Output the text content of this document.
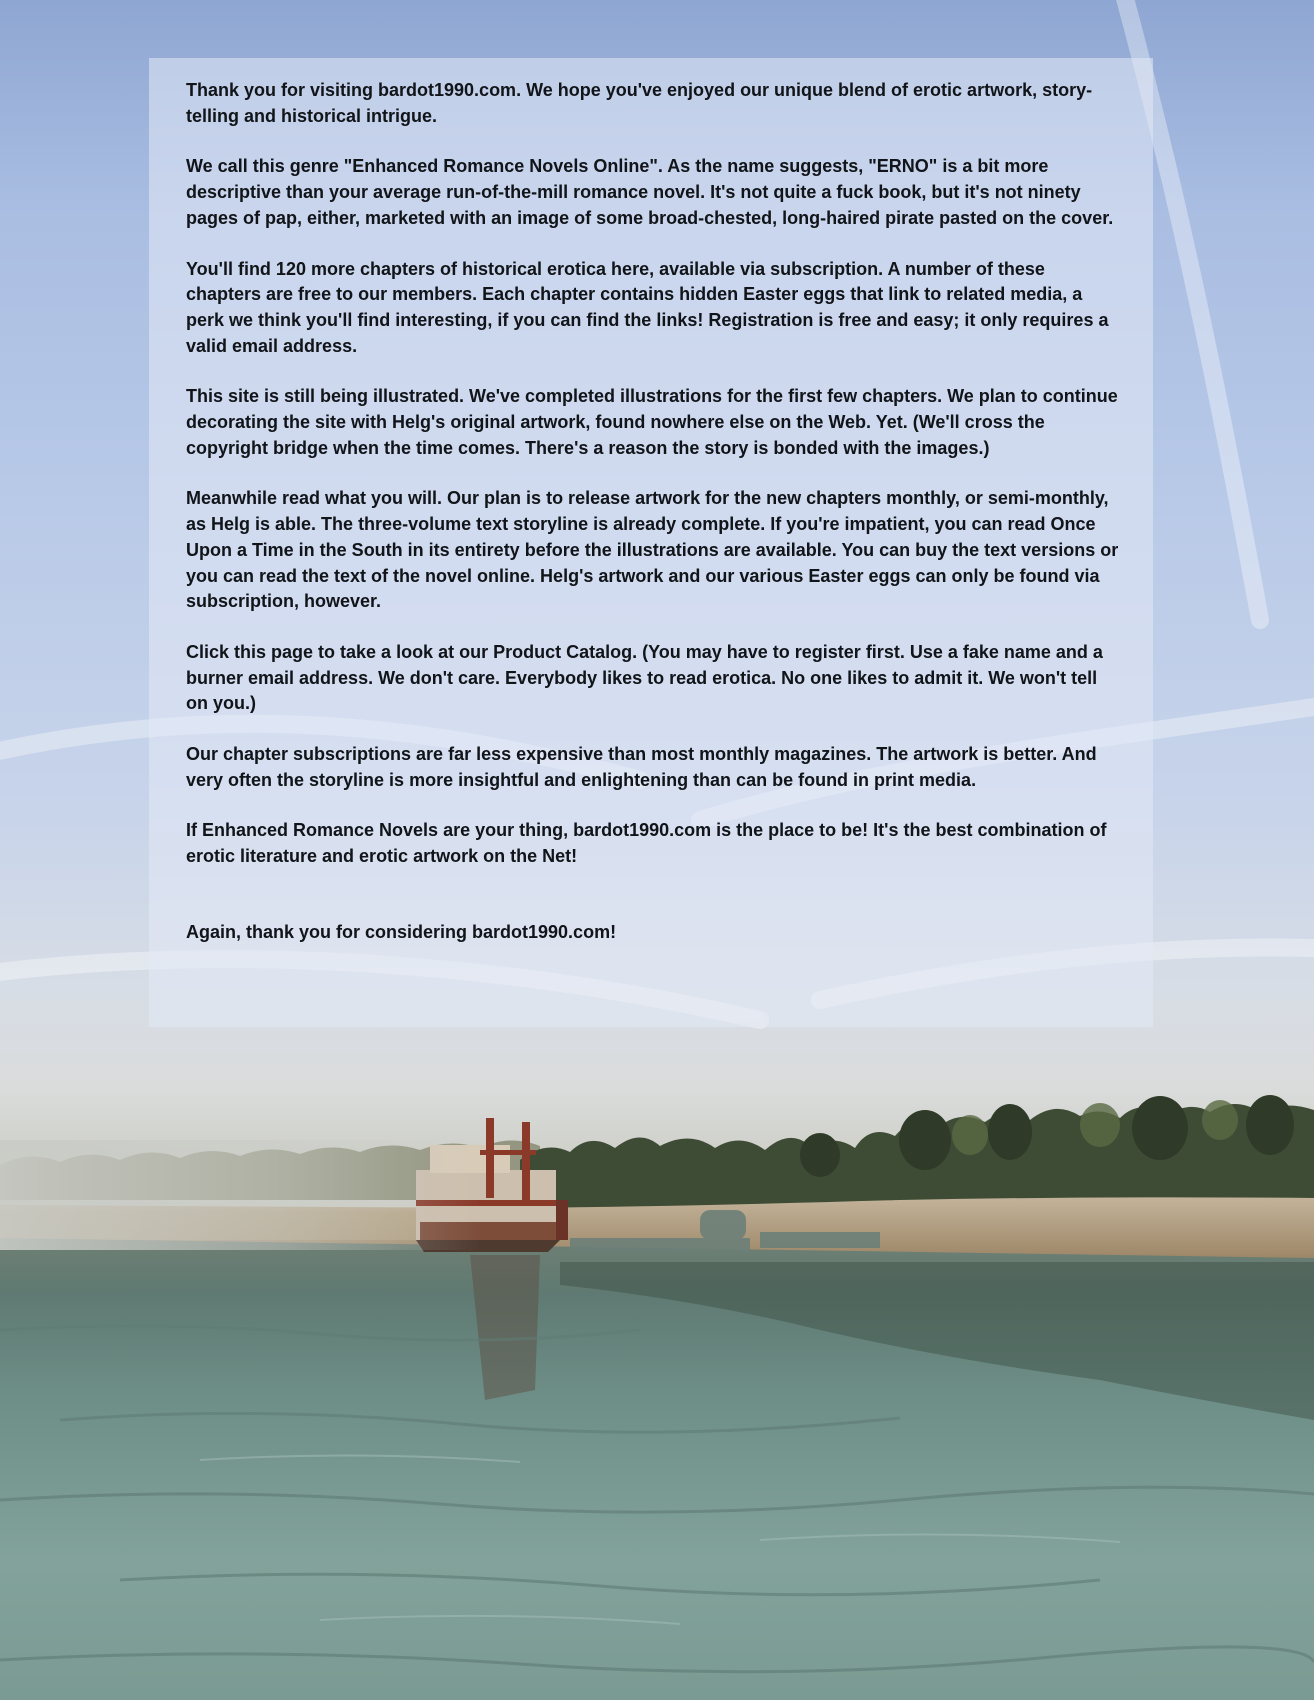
Thank you for visiting bardot1990.com. We hope you've enjoyed our unique blend of erotic artwork, story-telling and historical intrigue.

We call this genre "Enhanced Romance Novels Online". As the name suggests, "ERNO" is a bit more descriptive than your average run-of-the-mill romance novel. It's not quite a fuck book, but it's not ninety pages of pap, either, marketed with an image of some broad-chested, long-haired pirate pasted on the cover.

You'll find 120 more chapters of historical erotica here, available via subscription. A number of these chapters are free to our members. Each chapter contains hidden Easter eggs that link to related media, a perk we think you'll find interesting, if you can find the links! Registration is free and easy; it only requires a valid email address.

This site is still being illustrated. We've completed illustrations for the first few chapters. We plan to continue decorating the site with Helg's original artwork, found nowhere else on the Web. Yet. (We'll cross the copyright bridge when the time comes. There's a reason the story is bonded with the images.)

Meanwhile read what you will. Our plan is to release artwork for the new chapters monthly, or semi-monthly, as Helg is able. The three-volume text storyline is already complete. If you're impatient, you can read Once Upon a Time in the South in its entirety before the illustrations are available. You can buy the text versions or you can read the text of the novel online. Helg's artwork and our various Easter eggs can only be found via subscription, however.

Click this page to take a look at our Product Catalog. (You may have to register first. Use a fake name and a burner email address. We don't care. Everybody likes to read erotica. No one likes to admit it. We won't tell on you.)

Our chapter subscriptions are far less expensive than most monthly magazines. The artwork is better. And very often the storyline is more insightful and enlightening than can be found in print media.

If Enhanced Romance Novels are your thing, bardot1990.com is the place to be! It's the best combination of erotic literature and erotic artwork on the Net!

Again, thank you for considering bardot1990.com!
